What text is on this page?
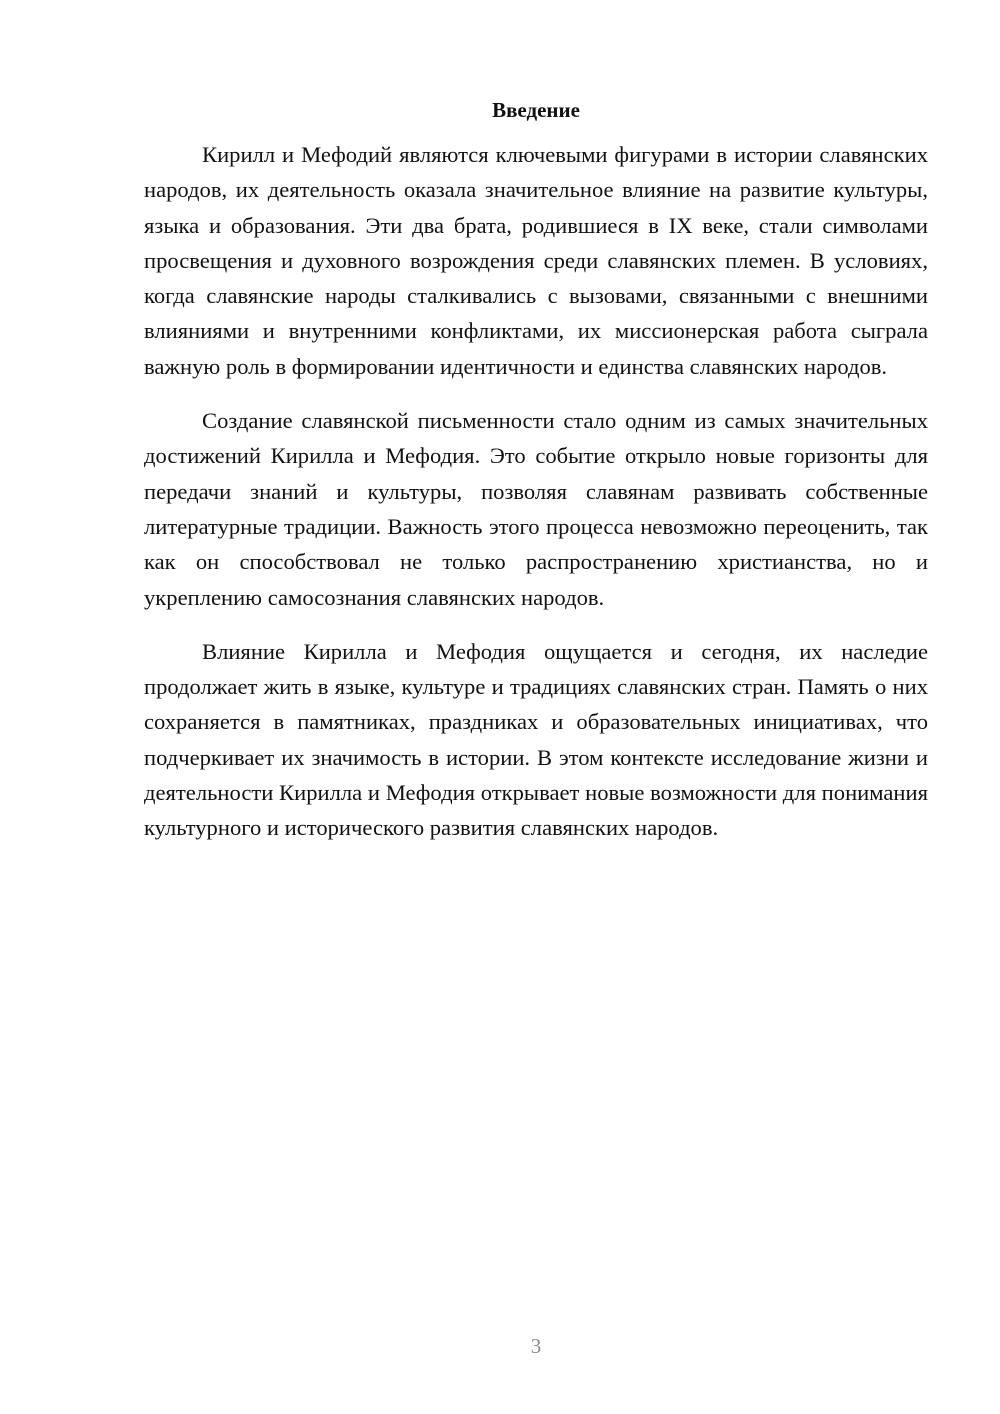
Введение

Кирилл и Мефодий являются ключевыми фигурами в истории славянских народов, их деятельность оказала значительное влияние на развитие культуры, языка и образования. Эти два брата, родившиеся в IX веке, стали символами просвещения и духовного возрождения среди славянских племен. В условиях, когда славянские народы сталкивались с вызовами, связанными с внешними влияниями и внутренними конфликтами, их миссионерская работа сыграла важную роль в формировании идентичности и единства славянских народов.

Создание славянской письменности стало одним из самых значительных достижений Кирилла и Мефодия. Это событие открыло новые горизонты для передачи знаний и культуры, позволяя славянам развивать собственные литературные традиции. Важность этого процесса невозможно переоценить, так как он способствовал не только распространению христианства, но и укреплению самосознания славянских народов.

Влияние Кирилла и Мефодия ощущается и сегодня, их наследие продолжает жить в языке, культуре и традициях славянских стран. Память о них сохраняется в памятниках, праздниках и образовательных инициативах, что подчеркивает их значимость в истории. В этом контексте исследование жизни и деятельности Кирилла и Мефодия открывает новые возможности для понимания культурного и исторического развития славянских народов.

3
